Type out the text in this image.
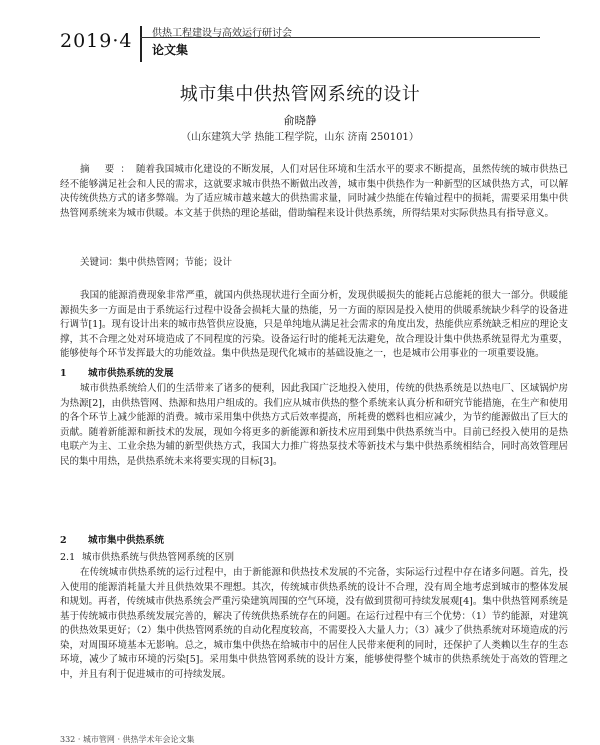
2019·4 供热工程建设与高效运行研讨会
论文集
城市集中供热管网系统的设计
俞晓静
（山东建筑大学 热能工程学院，山东 济南 250101）
摘 要：随着我国城市化建设的不断发展，人们对居住环境和生活水平的要求不断提高，虽然传统的城市供热已经不能够满足社会和人民的需求，这就要求城市供热不断做出改善，城市集中供热作为一种新型的区域供热方式，可以解决传统供热方式的诸多弊端。为了适应城市越来越大的供热需求量，同时减少热能在传输过程中的损耗，需要采用集中供热管网系统来为城市供暖。本文基于供热的理论基础，借助编程来设计供热系统，所得结果对实际供热具有指导意义。
关键词：集中供热管网；节能；设计
我国的能源消费现象非常严重，就国内供热现状进行全面分析，发现供暖损失的能耗占总能耗的很大一部分。供暖能源损失多一方面是由于系统运行过程中设备会损耗大量的热能，另一方面的原因是投入使用的供暖系统缺少科学的设备进行调节[1]。现有设计出来的城市热管供应设施，只是单纯地从满足社会需求的角度出发，热能供应系统缺乏相应的理论支撑，其不合理之处对环境造成了不同程度的污染。设备运行时的能耗无法避免，故合理设计集中供热系统显得尤为重要，能够使每个环节发挥最大的功能效益。集中供热是现代化城市的基础设施之一，也是城市公用事业的一项重要设施。
1 城市供热系统的发展
城市供热系统给人们的生活带来了诸多的便利，因此我国广泛地投入使用，传统的供热系统是以热电厂、区域锅炉房为热源[2]，由供热管网、热源和热用户组成的。我们应从城市供热的整个系统来认真分析和研究节能措施，在生产和使用的各个环节上减少能源的消费。城市采用集中供热方式后效率提高，所耗费的燃料也相应减少，为节约能源做出了巨大的贡献。随着新能源和新技术的发展，现如今将更多的新能源和新技术应用到集中供热系统当中。目前已经投入使用的是热电联产为主、工业余热为辅的新型供热方式，我国大力推广将热泵技术等新技术与集中供热系统相结合，同时高效管理居民的集中用热，是供热系统未来将要实现的目标[3]。
2 城市集中供热系统
2.1 城市供热系统与供热管网系统的区别
在传统城市供热系统的运行过程中，由于新能源和供热技术发展的不完备，实际运行过程中存在诸多问题。首先，投入使用的能源消耗量大并且供热效果不理想。其次，传统城市供热系统的设计不合理，没有周全地考虑到城市的整体发展和规划。再者，传统城市供热系统会严重污染建筑周围的空气环境，没有做到贯彻可持续发展观[4]。集中供热管网系统是基于传统城市供热系统发展完善的，解决了传统供热系统存在的问题。在运行过程中有三个优势：（1）节约能源，对建筑的供热效果更好；（2）集中供热管网系统的自动化程度较高，不需要投入大量人力；（3）减少了供热系统对环境造成的污染，对周围环境基本无影响。总之，城市集中供热在给城市中的居住人民带来便利的同时，还保护了人类赖以生存的生态环境，减少了城市环境的污染[5]。采用集中供热管网系统的设计方案，能够使得整个城市的供热系统处于高效的管理之中，并且有利于促进城市的可持续发展。
332 · 城市管网 · 供热学术年会论文集
